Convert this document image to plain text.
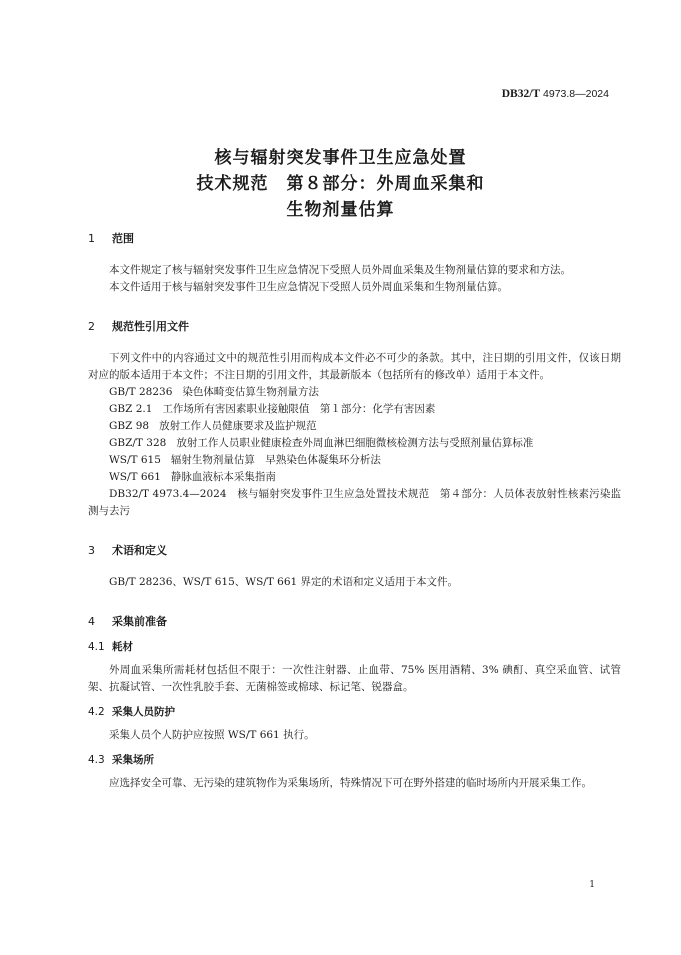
DB32/T 4973.8—2024
核与辐射突发事件卫生应急处置
技术规范　第８部分：外周血采集和
生物剂量估算
1 范围

本文件规定了核与辐射突发事件卫生应急情况下受照人员外周血采集及生物剂量估算的要求和方法。

本文件适用于核与辐射突发事件卫生应急情况下受照人员外周血采集和生物剂量估算。

2 规范性引用文件

下列文件中的内容通过文中的规范性引用而构成本文件必不可少的条款。其中，注日期的引用文件，仅该日期对应的版本适用于本文件；不注日期的引用文件，其最新版本（包括所有的修改单）适用于本文件。

GB/T 28236 染色体畸变估算生物剂量方法
GBZ 2.1 工作场所有害因素职业接触限值　第１部分：化学有害因素
GBZ 98 放射工作人员健康要求及监护规范
GBZ/T 328 放射工作人员职业健康检查外周血淋巴细胞微核检测方法与受照剂量估算标准
WS/T 615 辐射生物剂量估算　早熟染色体凝集环分析法
WS/T 661 静脉血液标本采集指南

DB32/T 4973.4—2024　 核与辐射突发事件卫生应急处置技术规范　第４部分：人员体表放射性核素污染监测与去污

3 术语和定义

GB/T 28236、WS/T 615、WS/T 661 界定的术语和定义适用于本文件。

4 采集前准备
4.1 耗材

外周血采集所需耗材包括但不限于：一次性注射器、止血带、75% 医用酒精、3% 碘酊、真空采血管、试管架、抗凝试管、一次性乳胶手套、无菌棉签或棉球、标记笔、锐器盒。

4.2 采集人员防护

采集人员个人防护应按照 WS/T 661 执行。

4.3 采集场所

应选择安全可靠、无污染的建筑物作为采集场所，特殊情况下可在野外搭建的临时场所内开展采集工作。

1
